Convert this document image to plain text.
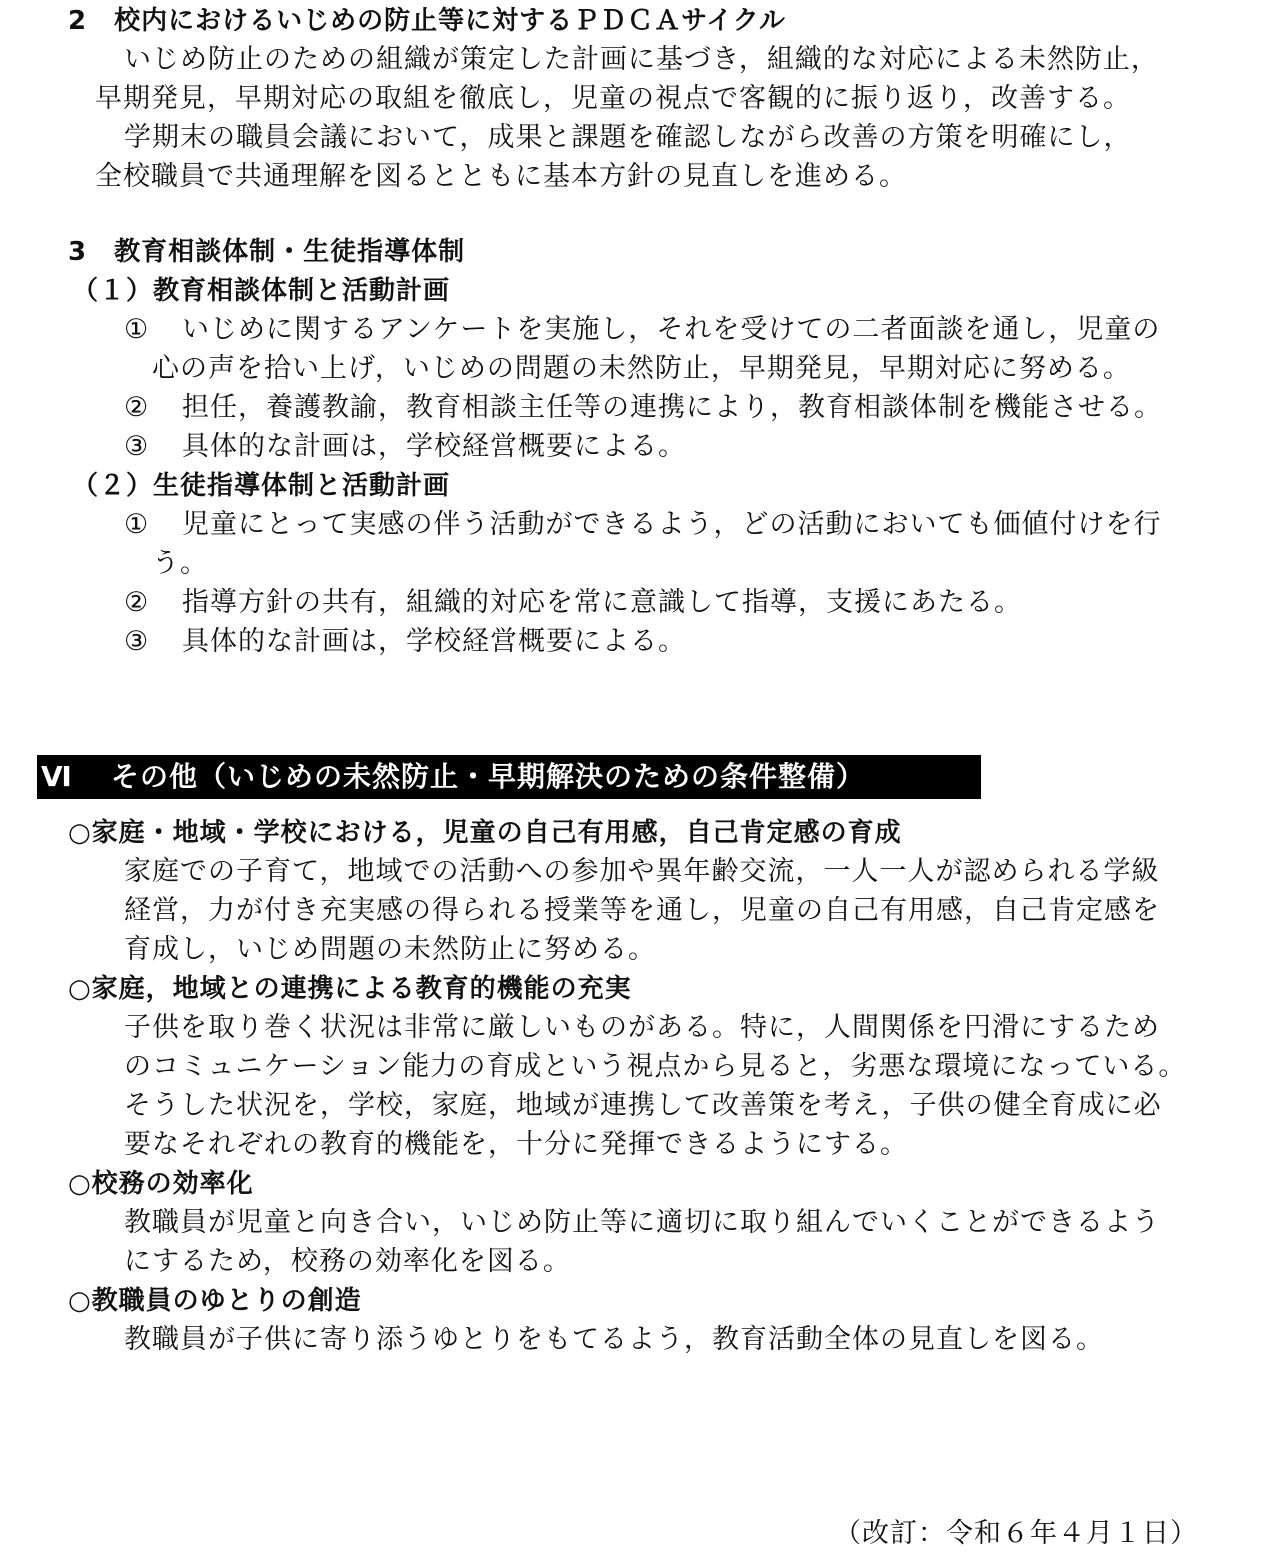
2　校内におけるいじめの防止等に対するＰＤＣＡサイクル
いじめ防止のための組織が策定した計画に基づき，組織的な対応による未然防止，
早期発見，早期対応の取組を徹底し，児童の視点で客観的に振り返り，改善する。
学期末の職員会議において，成果と課題を確認しながら改善の方策を明確にし，
全校職員で共通理解を図るとともに基本方針の見直しを進める。
3　教育相談体制・生徒指導体制
（１）教育相談体制と活動計画
① いじめに関するアンケートを実施し，それを受けての二者面談を通し，児童の
心の声を拾い上げ，いじめの問題の未然防止，早期発見，早期対応に努める。
② 担任，養護教諭，教育相談主任等の連携により，教育相談体制を機能させる。
③ 具体的な計画は，学校経営概要による。
（２）生徒指導体制と活動計画
① 児童にとって実感の伴う活動ができるよう，どの活動においても価値付けを行
う。
② 指導方針の共有，組織的対応を常に意識して指導，支援にあたる。
③ 具体的な計画は，学校経営概要による。
Ⅵ その他（いじめの未然防止・早期解決のための条件整備）
○家庭・地域・学校における，児童の自己有用感，自己肯定感の育成
家庭での子育て，地域での活動への参加や異年齢交流，一人一人が認められる学級
経営，力が付き充実感の得られる授業等を通し，児童の自己有用感，自己肯定感を
育成し，いじめ問題の未然防止に努める。
○家庭，地域との連携による教育的機能の充実
子供を取り巻く状況は非常に厳しいものがある。特に，人間関係を円滑にするため
のコミュニケーション能力の育成という視点から見ると，劣悪な環境になっている。
そうした状況を，学校，家庭，地域が連携して改善策を考え，子供の健全育成に必
要なそれぞれの教育的機能を，十分に発揮できるようにする。
○校務の効率化
教職員が児童と向き合い，いじめ防止等に適切に取り組んでいくことができるよう
にするため，校務の効率化を図る。
○教職員のゆとりの創造
教職員が子供に寄り添うゆとりをもてるよう，教育活動全体の見直しを図る。
（改訂：令和６年４月１日）
